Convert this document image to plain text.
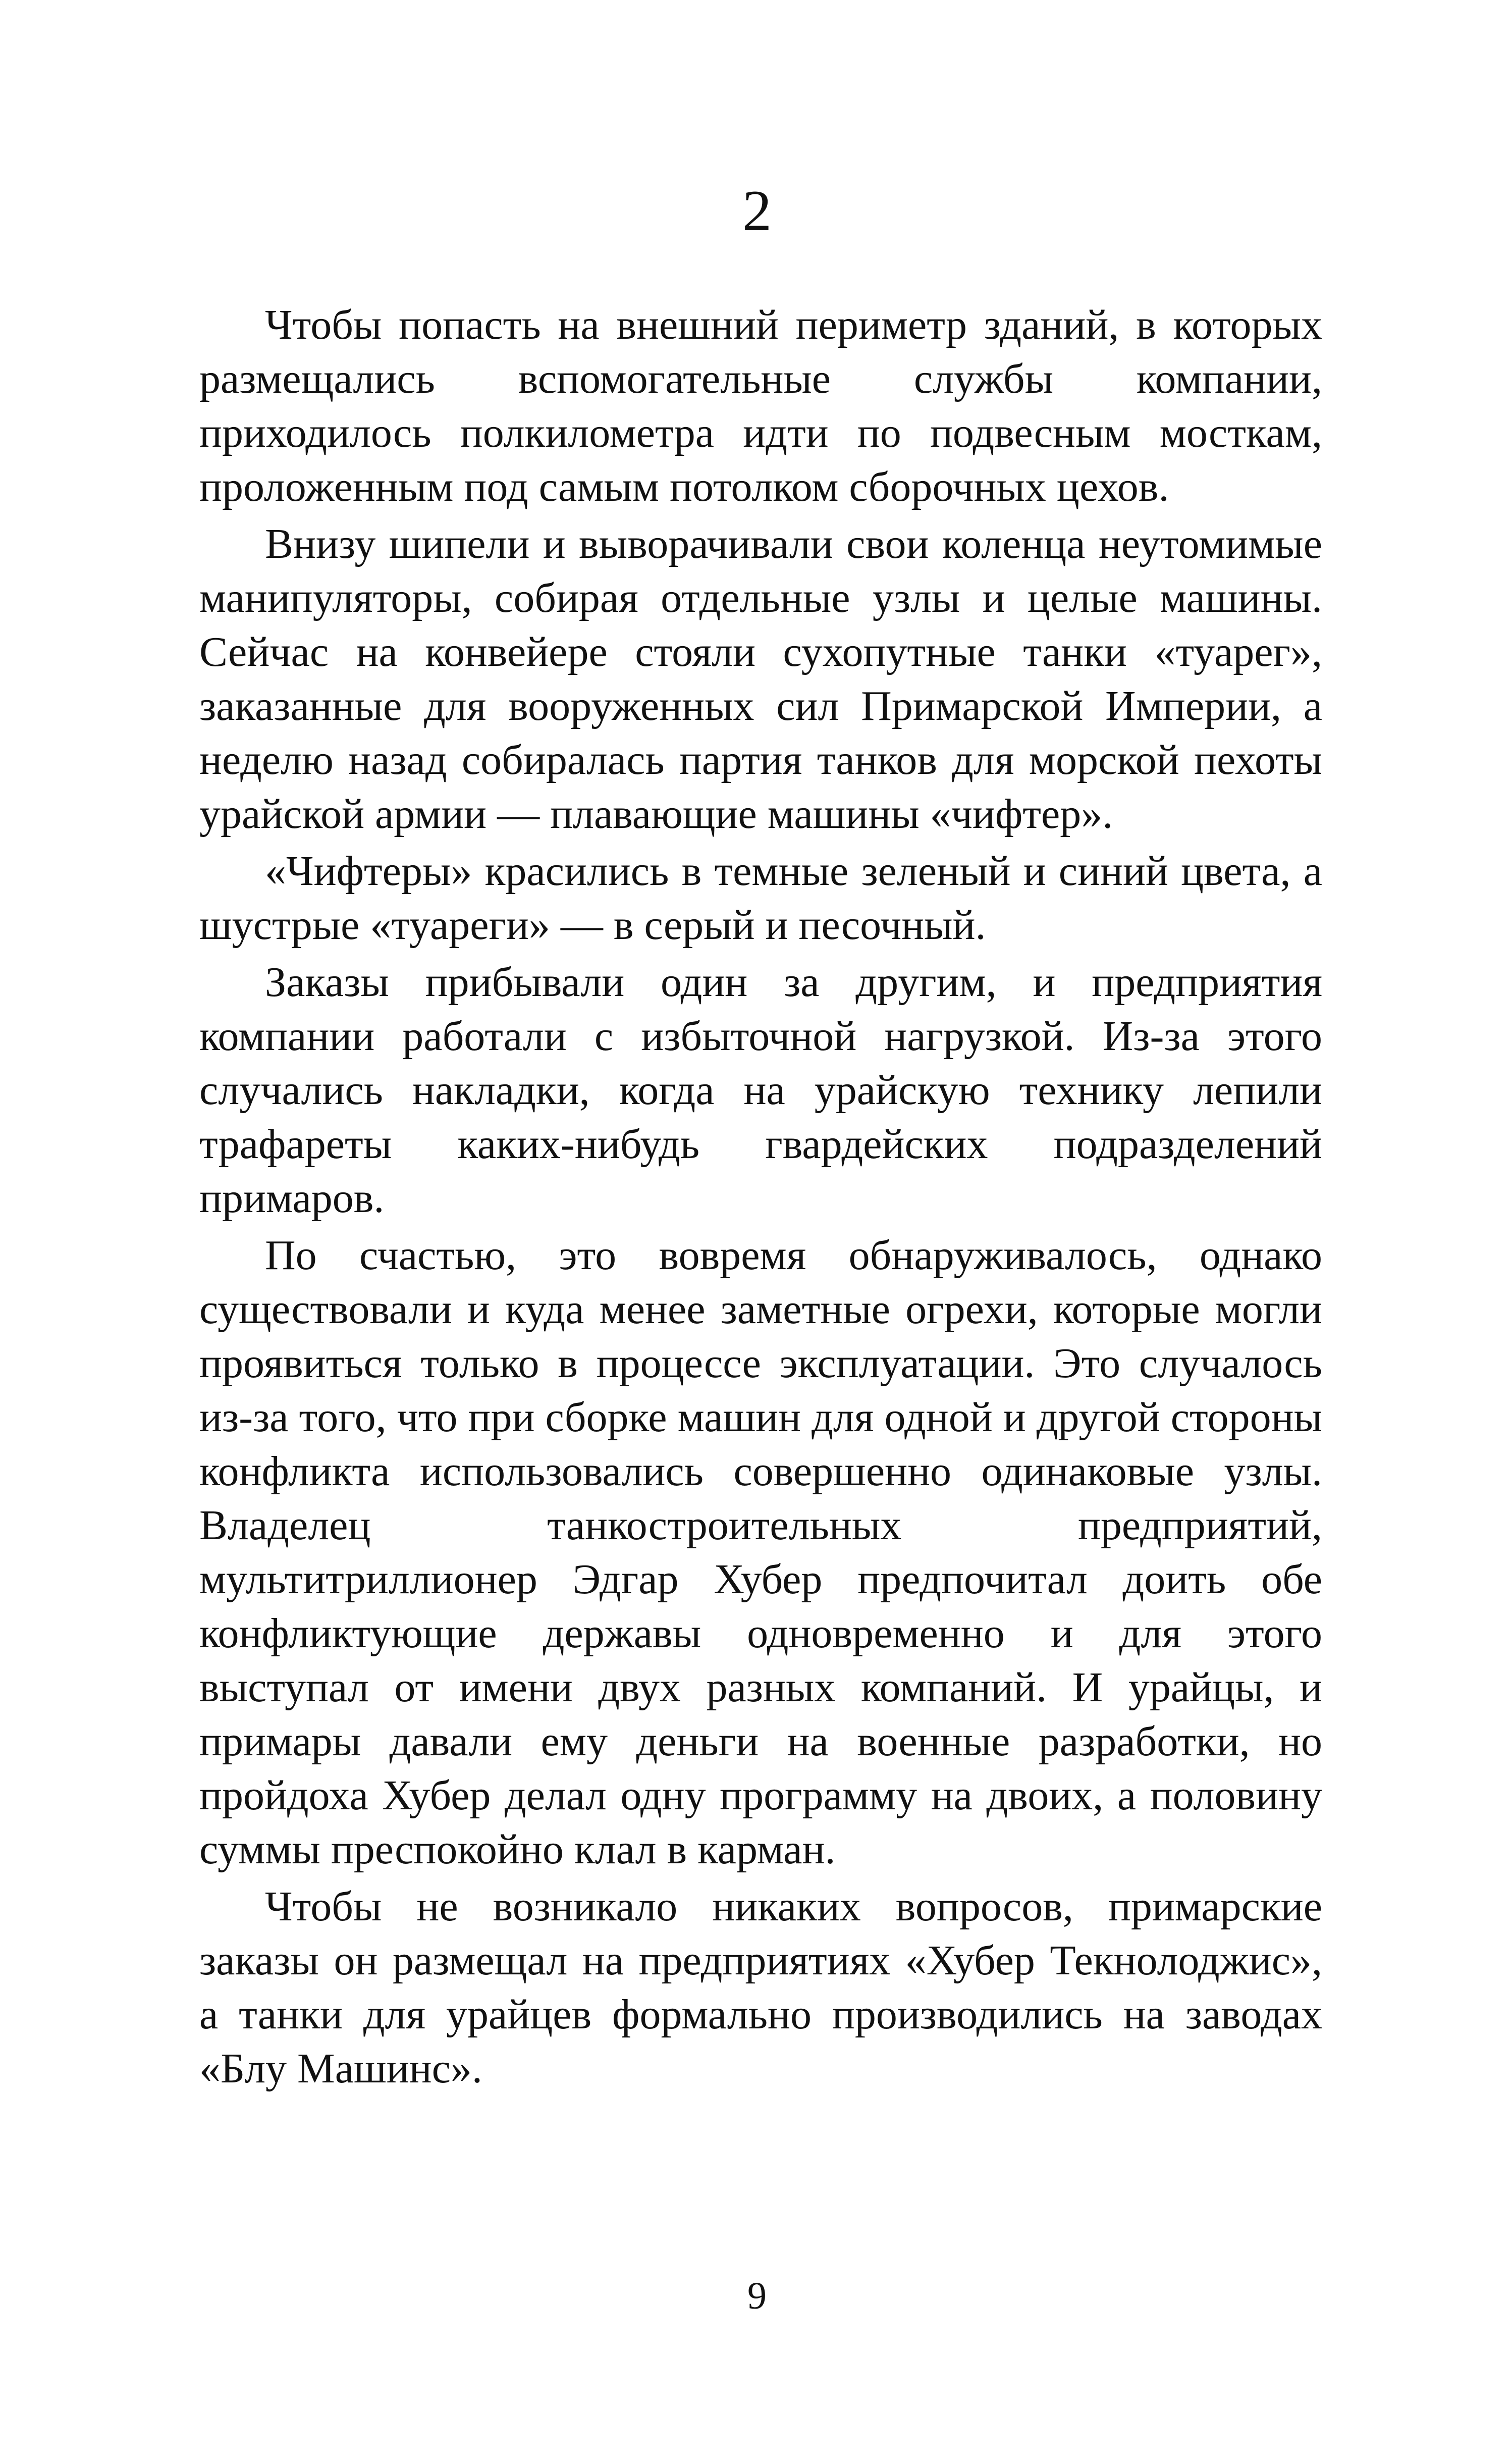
2

Чтобы попасть на внешний периметр зданий, в которых размещались вспомогательные службы компании, приходилось полкилометра идти по подвесным мосткам, проложенным под самым потолком сборочных цехов.

Внизу шипели и выворачивали свои коленца неутомимые манипуляторы, собирая отдельные узлы и целые машины. Сейчас на конвейере стояли сухопутные танки «туарег», заказанные для вооруженных сил Примарской Империи, а неделю назад собиралась партия танков для морской пехоты урайской армии — плавающие машины «чифтер».

«Чифтеры» красились в темные зеленый и синий цвета, а шустрые «туареги» — в серый и песочный.

Заказы прибывали один за другим, и предприятия компании работали с избыточной нагрузкой. Из-за этого случались накладки, когда на урайскую технику лепили трафареты каких-нибудь гвардейских подразделений примаров.

По счастью, это вовремя обнаруживалось, однако существовали и куда менее заметные огрехи, которые могли проявиться только в процессе эксплуатации. Это случалось из-за того, что при сборке машин для одной и другой стороны конфликта использовались совершенно одинаковые узлы. Владелец танкостроительных предприятий, мультитриллионер Эдгар Хубер предпочитал доить обе конфликтующие державы одновременно и для этого выступал от имени двух разных компаний. И урайцы, и примары давали ему деньги на военные разработки, но пройдоха Хубер делал одну программу на двоих, а половину суммы преспокойно клал в карман.

Чтобы не возникало никаких вопросов, примарские заказы он размещал на предприятиях «Хубер Текнолоджис», а танки для урайцев формально производились на заводах «Блу Машинс».

9
